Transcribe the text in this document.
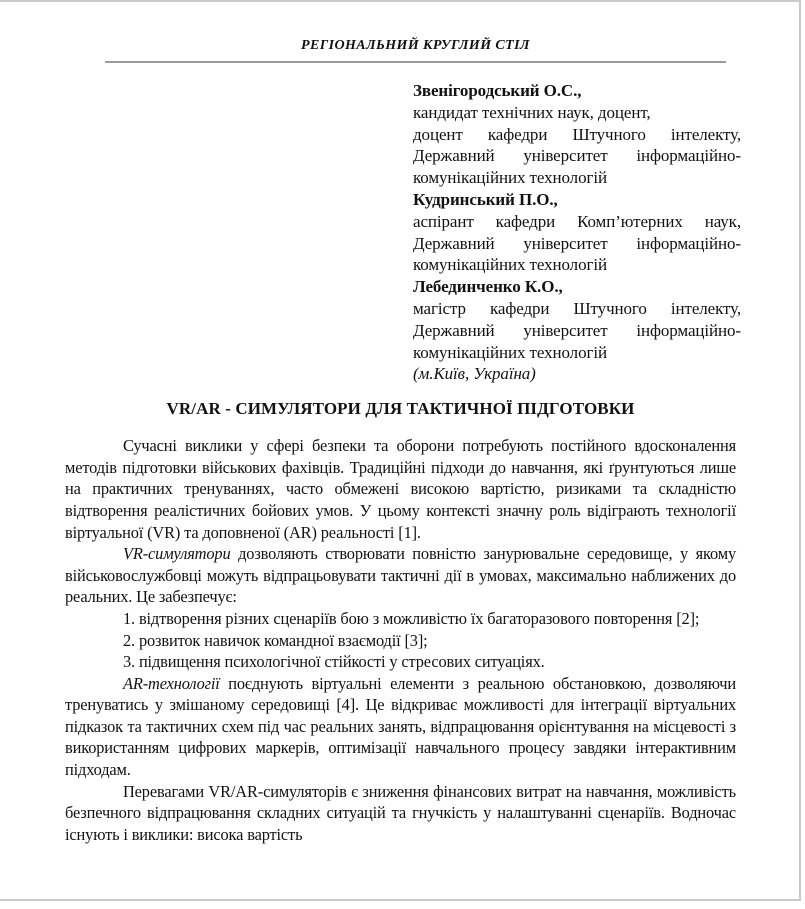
РЕГІОНАЛЬНИЙ КРУГЛИЙ СТІЛ
Звенігородський О.С.,
кандидат технічних наук, доцент,
доцент кафедри Штучного інтелекту,
Державний університет інформаційно-
комунікаційних технологій
Кудринський П.О.,
аспірант кафедри Комп’ютерних наук,
Державний університет інформаційно-
комунікаційних технологій
Лебединченко К.О.,
магістр кафедри Штучного інтелекту,
Державний університет інформаційно-
комунікаційних технологій
(м.Київ, Україна)
VR/AR - СИМУЛЯТОРИ ДЛЯ ТАКТИЧНОЇ ПІДГОТОВКИ

Сучасні виклики у сфері безпеки та оборони потребують постійного вдосконалення методів підготовки військових фахівців. Традиційні підходи до навчання, які ґрунтуються лише на практичних тренуваннях, часто обмежені високою вартістю, ризиками та складністю відтворення реалістичних бойових умов. У цьому контексті значну роль відіграють технології віртуальної (VR) та доповненої (AR) реальності [1].

VR-симулятори дозволяють створювати повністю занурювальне середовище, у якому військовослужбовці можуть відпрацьовувати тактичні дії в умовах, максимально наближених до реальних. Це забезпечує:

1. відтворення різних сценаріїв бою з можливістю їх багаторазового повторення [2];

2. розвиток навичок командної взаємодії [3];

3. підвищення психологічної стійкості у стресових ситуаціях.

AR-технології поєднують віртуальні елементи з реальною обстановкою, дозволяючи тренуватись у змішаному середовищі [4]. Це відкриває можливості для інтеграції віртуальних підказок та тактичних схем під час реальних занять, відпрацювання орієнтування на місцевості з використанням цифрових маркерів, оптимізації навчального процесу завдяки інтерактивним підходам.

Перевагами VR/AR-симуляторів є зниження фінансових витрат на навчання, можливість безпечного відпрацювання складних ситуацій та гнучкість у налаштуванні сценаріїв. Водночас існують і виклики: висока вартість
